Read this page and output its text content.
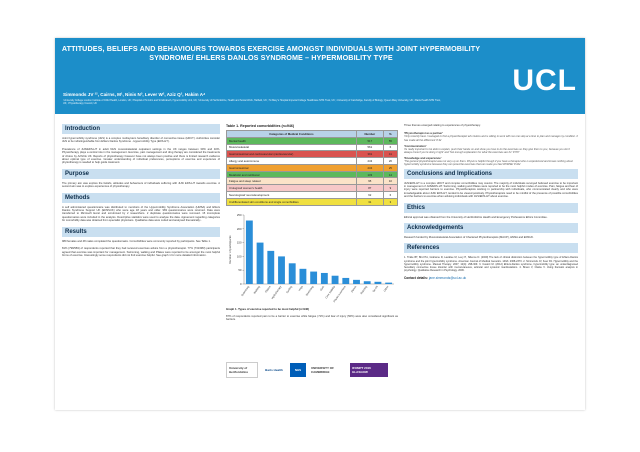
ATTITUDES, BELIEFS AND BEHAVIOURS TOWARDS EXERCISE AMONGST INDIVIDUALS WITH JOINT HYPERMOBILITY SYNDROME/ EHLERS DANLOS SYNDROME – HYPERMOBILITY TYPE
Simmonds JV ¹², Cairns, M¹, Ninis N³, Lever W², Aziz Q², Hakim A⁴
¹University College London Institute of Child Health, London, UK; ²Hospital of St John and St Elizabeth, Hypermobility Unit, UK; ³University of Hertfordshire, Health and Social Work, Hatfield, UK; ⁴St Mary's Hospital Imperial College Healthcare NHS Trust, UK; ⁵University of Cambridge, Faculty of Biology; Queen Mary University, UK; ⁶Barts Health NHS Trust, UK; ⁷Physiotherapy Council, UK
UCL
Introduction
Joint hypermobility syndrome (JHS) is a complex multisystem hereditary disorder of connective tissue (HDCT). Authorities consider JHS to be indistinguishable from Ehlers Danlos Syndrome - Hypermobility Type (EDS-HT).
Prevalence of JHS/EDS-HT in adult NHS musculoskeletal outpatient settings in the UK ranges between 30% and 40%. Physiotherapy plays a central role in the management. Exercise, pain management and drug therapy are considered the treatments of choice by Arthritis UK. Reports of physiotherapy however have not always been positive and there is limited research evidence about optimal type of exercise. Greater understanding of individual preferences, perceptions of exercise and experience of physiotherapy is needed to help guide treatment.
Purpose
The primary aim was explore the beliefs, attitudes and behaviours of individuals suffering with JHS/ EDS-HT towards exercise. A second aim was to explore experiences of physiotherapy.
Methods
A self administered questionnaire was distributed to members of the Hypermobility Syndrome Association (HMSA) and Ehlers Danlos Syndrome Support UK (EDSSUK) who were age 18 years and older. 983 questionnaires were returned. Data were transferred to Microsoft Excel and scrutinised by 2 researchers. 2 duplicate questionnaires were removed. 15 incomplete questionnaires were included in the analysis. Descriptive statistics were used to analyse the data. Agreement regarding categories for comorbidity data was obtained from specialist physicians. Qualitative data were coded and analysed thematically⁸.
Results
980 females and 48 males completed the questionnaire. Comorbidities were commonly reported by participants. See Table 1.
81% (798/983) of respondents reported that they had received exercises advice from a physiotherapist. 77% (731/983) participants agreed that exercise was important for management. Swimming, walking and Pilates were reported to be amongst the most helpful forms of exercise. Interestingly some respondents did not find exercise helpful. See graph 1 for more detailed information.
Table 1. Reported comorbidities (n=946)
Categories of Medical Conditions	Number	%
Mental health	517	55
Musculoskeletal	561	6
Gastrointestinal and cardiovascular (cardiovascular)	391	41
Allergy and autoimmune	243	26
Gastrointestinal	234	25
Metabolic and nutritional	133	14
Fatigue and sleep related	95	10
Urological/ women's health	87	9
Neurological/ neurodevelopment	62	6
Undifferentiated skin conditions and single comorbidities	31	3
0
50
100
150
200
250
Number of participants
Swimming	Walking	Pilates Hydrotherapy	Cycling	Yoga Stretching	Gym Core stability
Physio exercises	Dance	Running	Tai chi	Other
Graph 1. Types of exercise reported to be most helpful (n=946)
87% of respondents reported pain to be a barrier to exercise while fatigue (71%) and fear of injury (50%) were also considered significant as barriers.
University of Hertfordshire	Barts Health	NHS	UNIVERSITY OF CAMBRIDGE
IFOMPT 2016 GLASGOW
Three themes emerged relating to experiences of physiotherapy.
'Physiotherapist as a partner'
'Only recently have I managed to find a physiotherapist who listens and is willing to work with me one step at a time to plan and manage my condition. It has made all the difference' P.32
'Communication'
'Its really important to be able to explain, push their hands on and show you how to do the exercises so they give them to you, because you don't always know if you're doing it right' and 'Not enough explanation for what the exercises are for' P.767
'Knowledge and experience'
'The general physiotherapist was not very up on them. Physio is helpful though if you have a therapist who is experienced and knows nothing about hypermobility syndrome because they can prescribe exercises that can make you feel WORSE' P.422
Conclusions and Implications
JHS/EDS-HT is a complex HDCT and complex comorbidities may coexist. The majority of individuals surveyed believed exercise to be important in management of JHS/EDS-HT. Swimming, walking and Pilates were reported to be the most helpful modes of exercise. Pain, fatigue and fear of injury were reported barriers to exercise. Physiotherapists working in partnership with individuals, who communicated clearly and who were knowledgeable about JHS/ EDS-HT, tended to be viewed positively. Physiotherapists need to be mindful of the presence of possible comorbidities and the barriers to exercise when advising individuals with JHS/EDS-HT about exercise.
Ethics
Ethical approval was obtained from the University of Hertfordshire Health and Emergency Professions Ethics Committee.
Acknowledgements
Research funded by Musculoskeletal Association of Chartered Physiotherapists (MACP), HMSA and EDSUK.
References
1. Tinkle BT, Bird HA, Grahame R, Lavallee M, Levy H, Sillence D. (2009) The lack of clinical distinction between the hypermobility type of Ehlers-Danlos syndrome and the joint hypermobility syndrome. American Journal of Medical Genetics. 149A: 2368-2370. 2. Simmonds JV, Keer RJ. Hypermobility and the hypermobility syndrome. Manual Therapy. 2007; 12(4): 298-309. 3. Castori M. (2012) Ehlers-Danlos syndrome, hypermobility type: an underdiagnosed hereditary connective tissue disorder with mucocutaneous, articular and systemic manifestations. 4. Braun V, Clarke V. Using thematic analysis in psychology. Qualitative Research in Psychology. 2006.
Contact details: jane.simmonds@ucl.ac.uk
